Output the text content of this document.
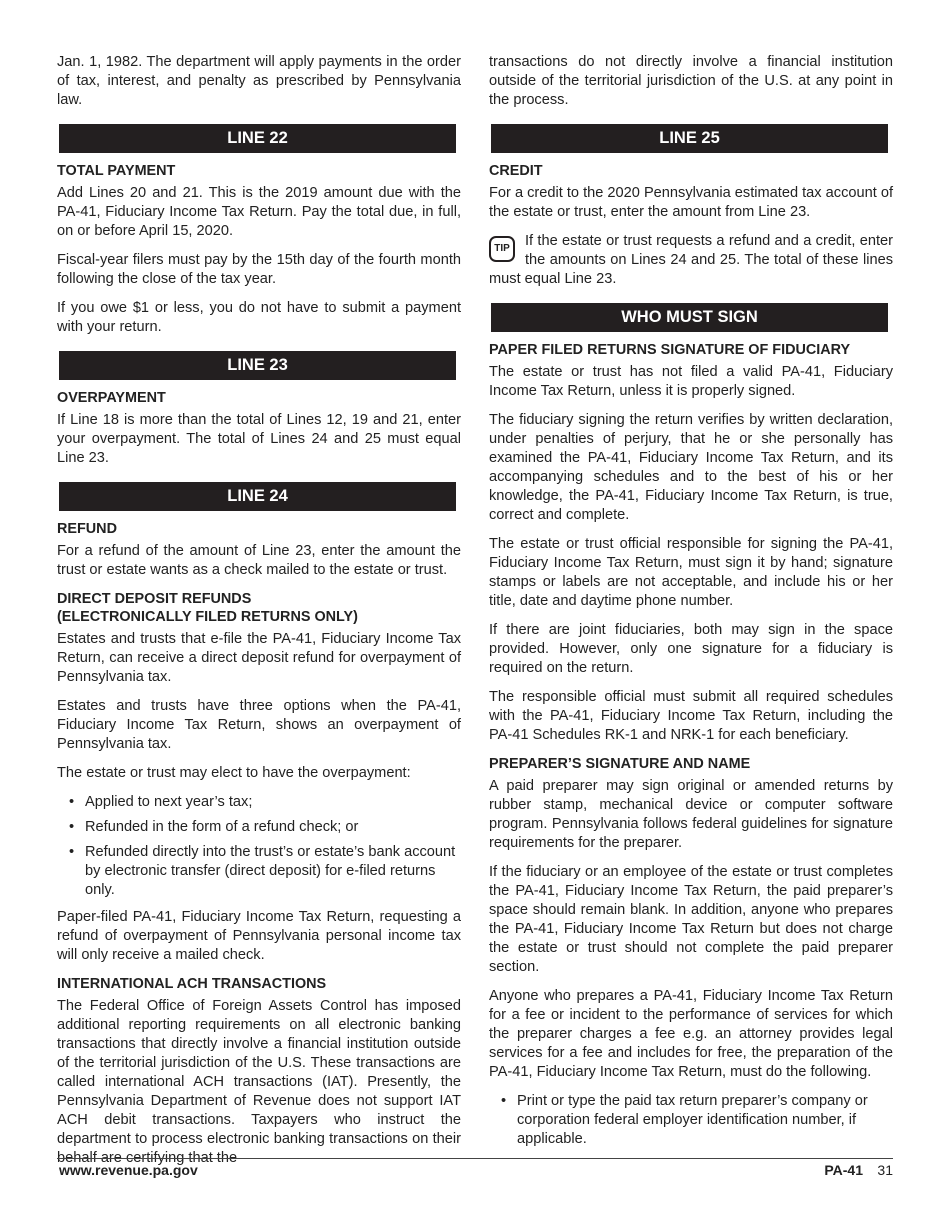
Jan. 1, 1982. The department will apply payments in the order of tax, interest, and penalty as prescribed by Pennsylvania law.

LINE 22
TOTAL PAYMENT

Add Lines 20 and 21. This is the 2019 amount due with the PA-41, Fiduciary Income Tax Return. Pay the total due, in full, on or before April 15, 2020.

Fiscal-year filers must pay by the 15th day of the fourth month following the close of the tax year.

If you owe $1 or less, you do not have to submit a payment with your return.

LINE 23
OVERPAYMENT

If Line 18 is more than the total of Lines 12, 19 and 21, enter your overpayment. The total of Lines 24 and 25 must equal Line 23.

LINE 24
REFUND

For a refund of the amount of Line 23, enter the amount the trust or estate wants as a check mailed to the estate or trust.

DIRECT DEPOSIT REFUNDS
(ELECTRONICALLY FILED RETURNS ONLY)

Estates and trusts that e-file the PA-41, Fiduciary Income Tax Return, can receive a direct deposit refund for overpayment of Pennsylvania tax.

Estates and trusts have three options when the PA-41, Fiduciary Income Tax Return, shows an overpayment of Pennsylvania tax.

The estate or trust may elect to have the overpayment:

• Applied to next year’s tax;
• Refunded in the form of a refund check; or
• Refunded directly into the trust’s or estate’s bank account by electronic transfer (direct deposit) for e-filed returns only.

Paper-filed PA-41, Fiduciary Income Tax Return, requesting a refund of overpayment of Pennsylvania personal income tax will only receive a mailed check.

INTERNATIONAL ACH TRANSACTIONS

The Federal Office of Foreign Assets Control has imposed additional reporting requirements on all electronic banking transactions that directly involve a financial institution outside of the territorial jurisdiction of the U.S. These transactions are called international ACH transactions (IAT). Presently, the Pennsylvania Department of Revenue does not support IAT ACH debit transactions. Taxpayers who instruct the department to process electronic banking transactions on their behalf are certifying that the

transactions do not directly involve a financial institution outside of the territorial jurisdiction of the U.S. at any point in the process.

LINE 25
CREDIT

For a credit to the 2020 Pennsylvania estimated tax account of the estate or trust, enter the amount from Line 23.

TIP	If the estate or trust requests a refund and a credit, enter the amounts on Lines 24 and 25. The total of these lines must equal Line 23.

WHO MUST SIGN
PAPER FILED RETURNS SIGNATURE OF FIDUCIARY

The estate or trust has not filed a valid PA-41, Fiduciary Income Tax Return, unless it is properly signed.

The fiduciary signing the return verifies by written declaration, under penalties of perjury, that he or she personally has examined the PA-41, Fiduciary Income Tax Return, and its accompanying schedules and to the best of his or her knowledge, the PA-41, Fiduciary Income Tax Return, is true, correct and complete.

The estate or trust official responsible for signing the PA-41, Fiduciary Income Tax Return, must sign it by hand; signature stamps or labels are not acceptable, and include his or her title, date and daytime phone number.

If there are joint fiduciaries, both may sign in the space provided. However, only one signature for a fiduciary is required on the return.

The responsible official must submit all required schedules with the PA-41, Fiduciary Income Tax Return, including the PA-41 Schedules RK-1 and NRK-1 for each beneficiary.

PREPARER’S SIGNATURE AND NAME

A paid preparer may sign original or amended returns by rubber stamp, mechanical device or computer software program. Pennsylvania follows federal guidelines for signature requirements for the preparer.

If the fiduciary or an employee of the estate or trust completes the PA-41, Fiduciary Income Tax Return, the paid preparer’s space should remain blank. In addition, anyone who prepares the PA-41, Fiduciary Income Tax Return but does not charge the estate or trust should not complete the paid preparer section.

Anyone who prepares a PA-41, Fiduciary Income Tax Return for a fee or incident to the performance of services for which the preparer charges a fee e.g. an attorney provides legal services for a fee and includes for free, the preparation of the PA-41, Fiduciary Income Tax Return, must do the following.

• Print or type the paid tax return preparer’s company or corporation federal employer identification number, if applicable.
www.revenue.pa.gov	PA-41 31
